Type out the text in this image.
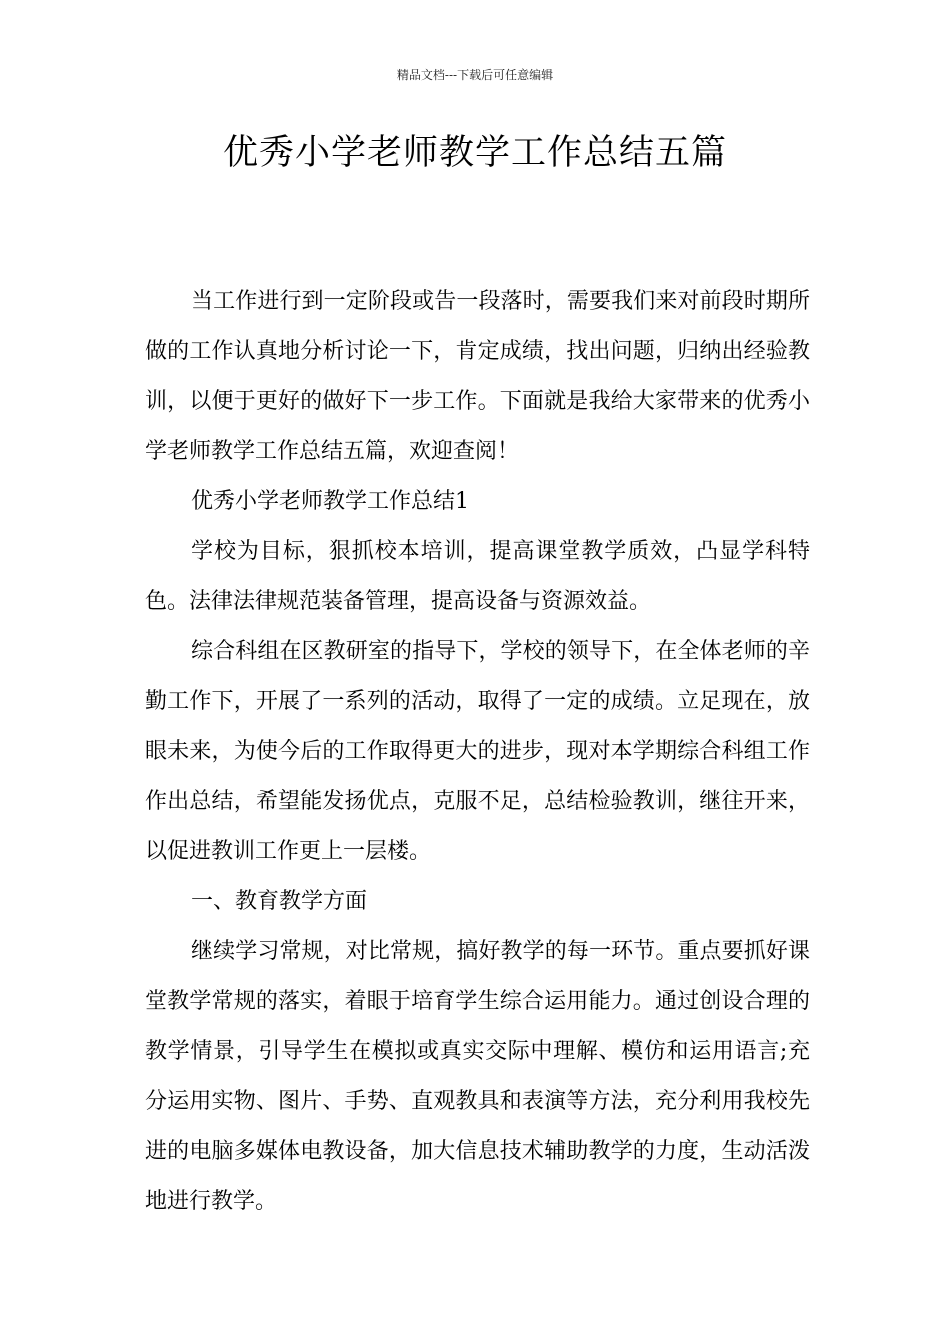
精品文档---下载后可任意编辑
优秀小学老师教学工作总结五篇

当工作进行到一定阶段或告一段落时，需要我们来对前段时期所做的工作认真地分析讨论一下，肯定成绩，找出问题，归纳出经验教训，以便于更好的做好下一步工作。下面就是我给大家带来的优秀小学老师教学工作总结五篇，欢迎查阅！

优秀小学老师教学工作总结1

学校为目标，狠抓校本培训，提高课堂教学质效，凸显学科特色。法律法律规范装备管理，提高设备与资源效益。

综合科组在区教研室的指导下，学校的领导下，在全体老师的辛勤工作下，开展了一系列的活动，取得了一定的成绩。立足现在，放眼未来，为使今后的工作取得更大的进步，现对本学期综合科组工作作出总结，希望能发扬优点，克服不足，总结检验教训，继往开来，以促进教训工作更上一层楼。

一、教育教学方面

继续学习常规，对比常规，搞好教学的每一环节。重点要抓好课堂教学常规的落实，着眼于培育学生综合运用能力。通过创设合理的教学情景，引导学生在模拟或真实交际中理解、模仿和运用语言;充分运用实物、图片、手势、直观教具和表演等方法，充分利用我校先进的电脑多媒体电教设备，加大信息技术辅助教学的力度，生动活泼地进行教学。
